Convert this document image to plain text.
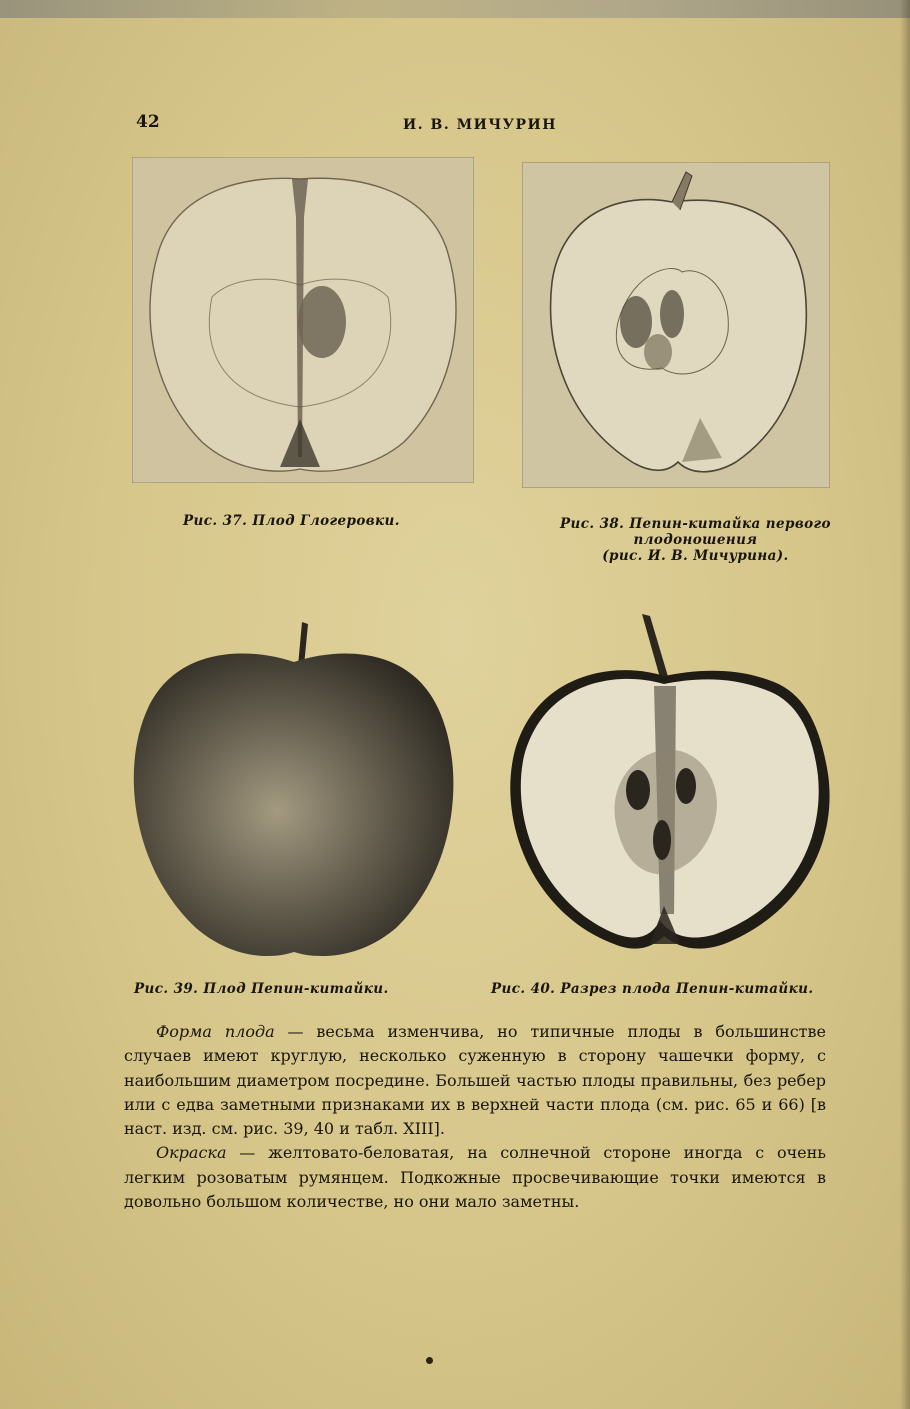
42	И. В. МИЧУРИН
Рис. 37. Плод Глогеровки.	Рис. 38. Пепин-китайка первого
плодоношения
(рис. И. В. Мичурина).
Рис. 39. Плод Пепин-китайки.	Рис. 40. Разрез плода Пепин-китайки.

Форма плода — весьма изменчива, но типичные плоды в большинстве случаев имеют круглую, несколько суженную в сторону чашечки форму, с наибольшим диаметром посредине. Большей частью плоды правильны, без ребер или с едва заметными признаками их в верхней части плода (см. рис. 65 и 66) [в наст. изд. см. рис. 39, 40 и табл. XIII].

Окраска — желтовато-беловатая, на солнечной стороне иногда с очень легким розоватым румянцем. Подкожные просвечивающие точки имеются в довольно большом количестве, но они мало заметны.
